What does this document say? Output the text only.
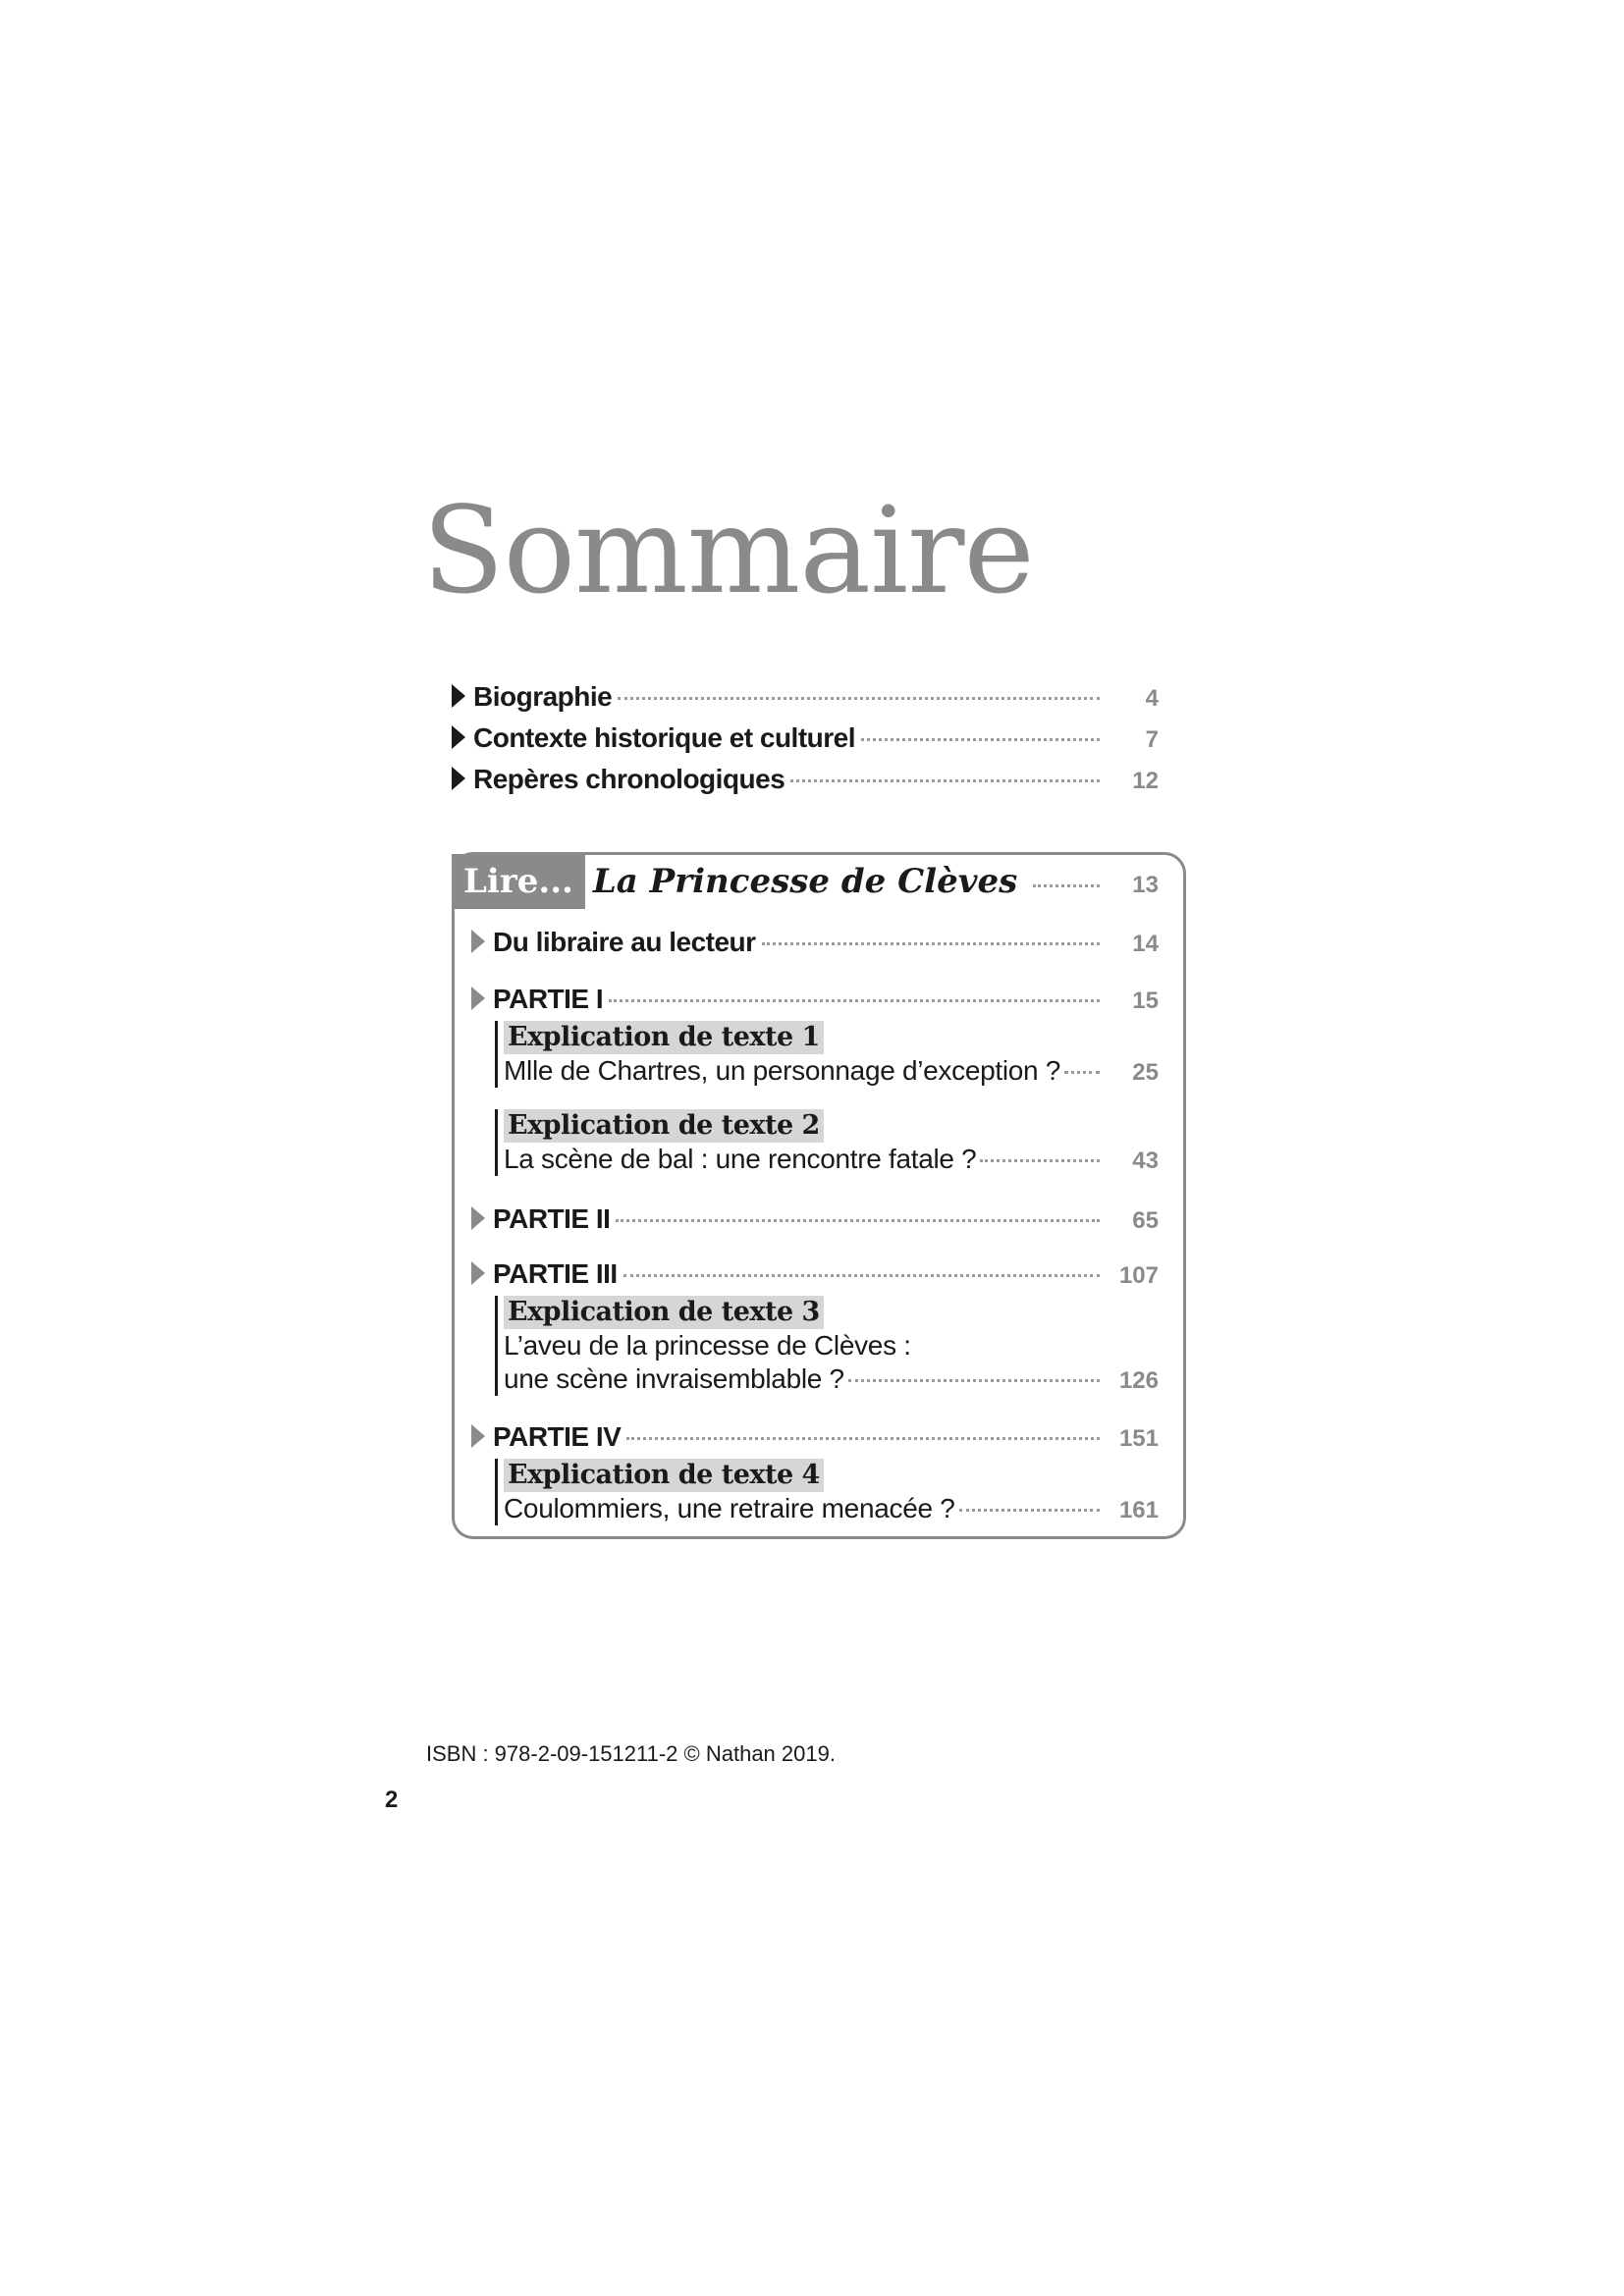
Sommaire
Biographie	4
Contexte historique et culturel	7
Repères chronologiques	12
Lire... La Princesse de Clèves	13
Du libraire au lecteur	14
PARTIE I	15
Explication de texte 1
Mlle de Chartres, un personnage d’exception ?	25
Explication de texte 2
La scène de bal : une rencontre fatale ?	43
PARTIE II	65
PARTIE III	107
Explication de texte 3
L’aveu de la princesse de Clèves :
une scène invraisemblable ?	126
PARTIE IV	151
Explication de texte 4
Coulommiers, une retraire menacée ?	161
ISBN : 978-2-09-151211-2 © Nathan 2019.
2
